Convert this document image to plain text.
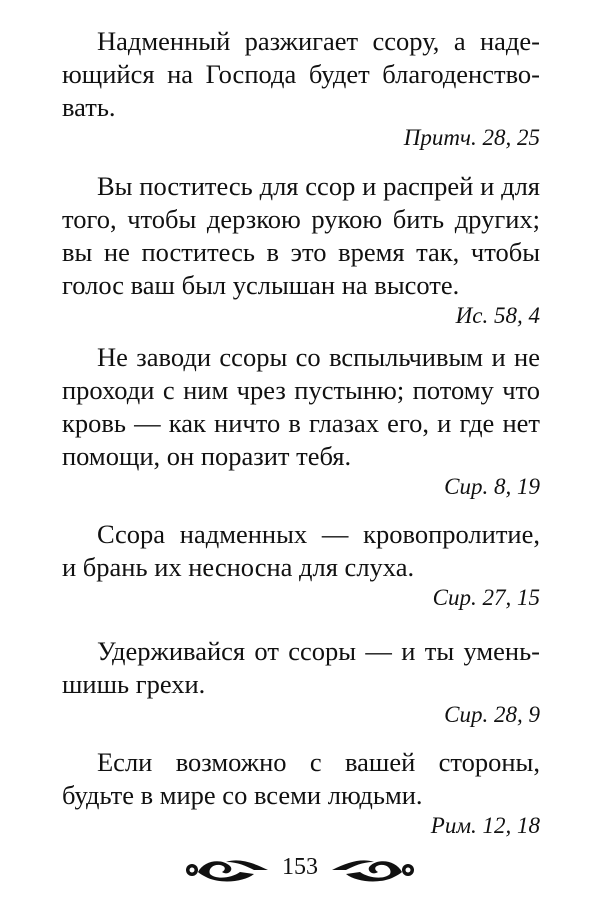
Надменный разжигает ссору, а наде-
ющийся на Господа будет благоденство-
вать.
Притч. 28, 25
Вы поститесь для ссор и распрей и для
того, чтобы дерзкою рукою бить других;
вы не поститесь в это время так, чтобы
голос ваш был услышан на высоте.
Ис. 58, 4
Не заводи ссоры со вспыльчивым и не
проходи с ним чрез пустыню; потому что
кровь — как ничто в глазах его, и где нет
помощи, он поразит тебя.
Сир. 8, 19
Ссора надменных — кровопролитие,
и брань их несносна для слуха.
Сир. 27, 15
Удерживайся от ссоры — и ты умень-
шишь грехи.
Сир. 28, 9
Если возможно с вашей стороны,
будьте в мире со всеми людьми.
Рим. 12, 18
153
